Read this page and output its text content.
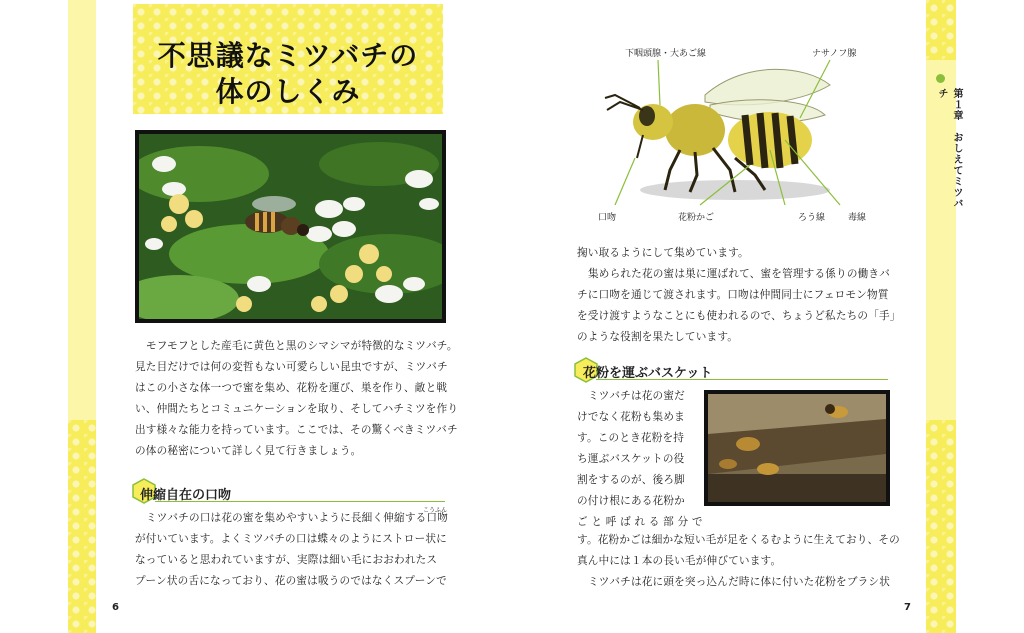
第１章　おしえてミツバチ
不思議なミツバチの
体のしくみ

モフモフとした産毛に黄色と黒のシマシマが特徴的なミツバチ。

見た目だけでは何の変哲もない可愛らしい昆虫ですが、ミツバチ

はこの小さな体一つで蜜を集め、花粉を運び、巣を作り、敵と戦

い、仲間たちとコミュニケーションを取り、そしてハチミツを作り

出す様々な能力を持っています。ここでは、その驚くべきミツバチ

の体の秘密について詳しく見て行きましょう。

伸縮自在の口吻
こうふん

ミツバチの口は花の蜜を集めやすいように長細く伸縮する口吻

が付いています。よくミツバチの口は蝶々のようにストロー状に

なっていると思われていますが、実際は細い毛におおわれたス

プーン状の舌になっており、花の蜜は吸うのではなくスプーンで

6
下咽頭腺・大あご線	ナサノフ腺
口吻	花粉かご	ろう線	毒線

掬い取るようにして集めています。

集められた花の蜜は巣に運ばれて、蜜を管理する係りの働きバ

チに口吻を通じて渡されます。口吻は仲間同士にフェロモン物質

を受け渡すようなことにも使われるので、ちょうど私たちの「手」

のような役割を果たしています。

花粉を運ぶバスケット

ミツバチは花の蜜だ

けでなく花粉も集めま

す。このとき花粉を持

ち運ぶバスケットの役

割をするのが、後ろ脚

の付け根にある花粉か

ご と 呼 ば れ る 部 分 で

す。花粉かごは細かな短い毛が足をくるむように生えており、その

真ん中には１本の長い毛が伸びています。

ミツバチは花に頭を突っ込んだ時に体に付いた花粉をブラシ状

7
